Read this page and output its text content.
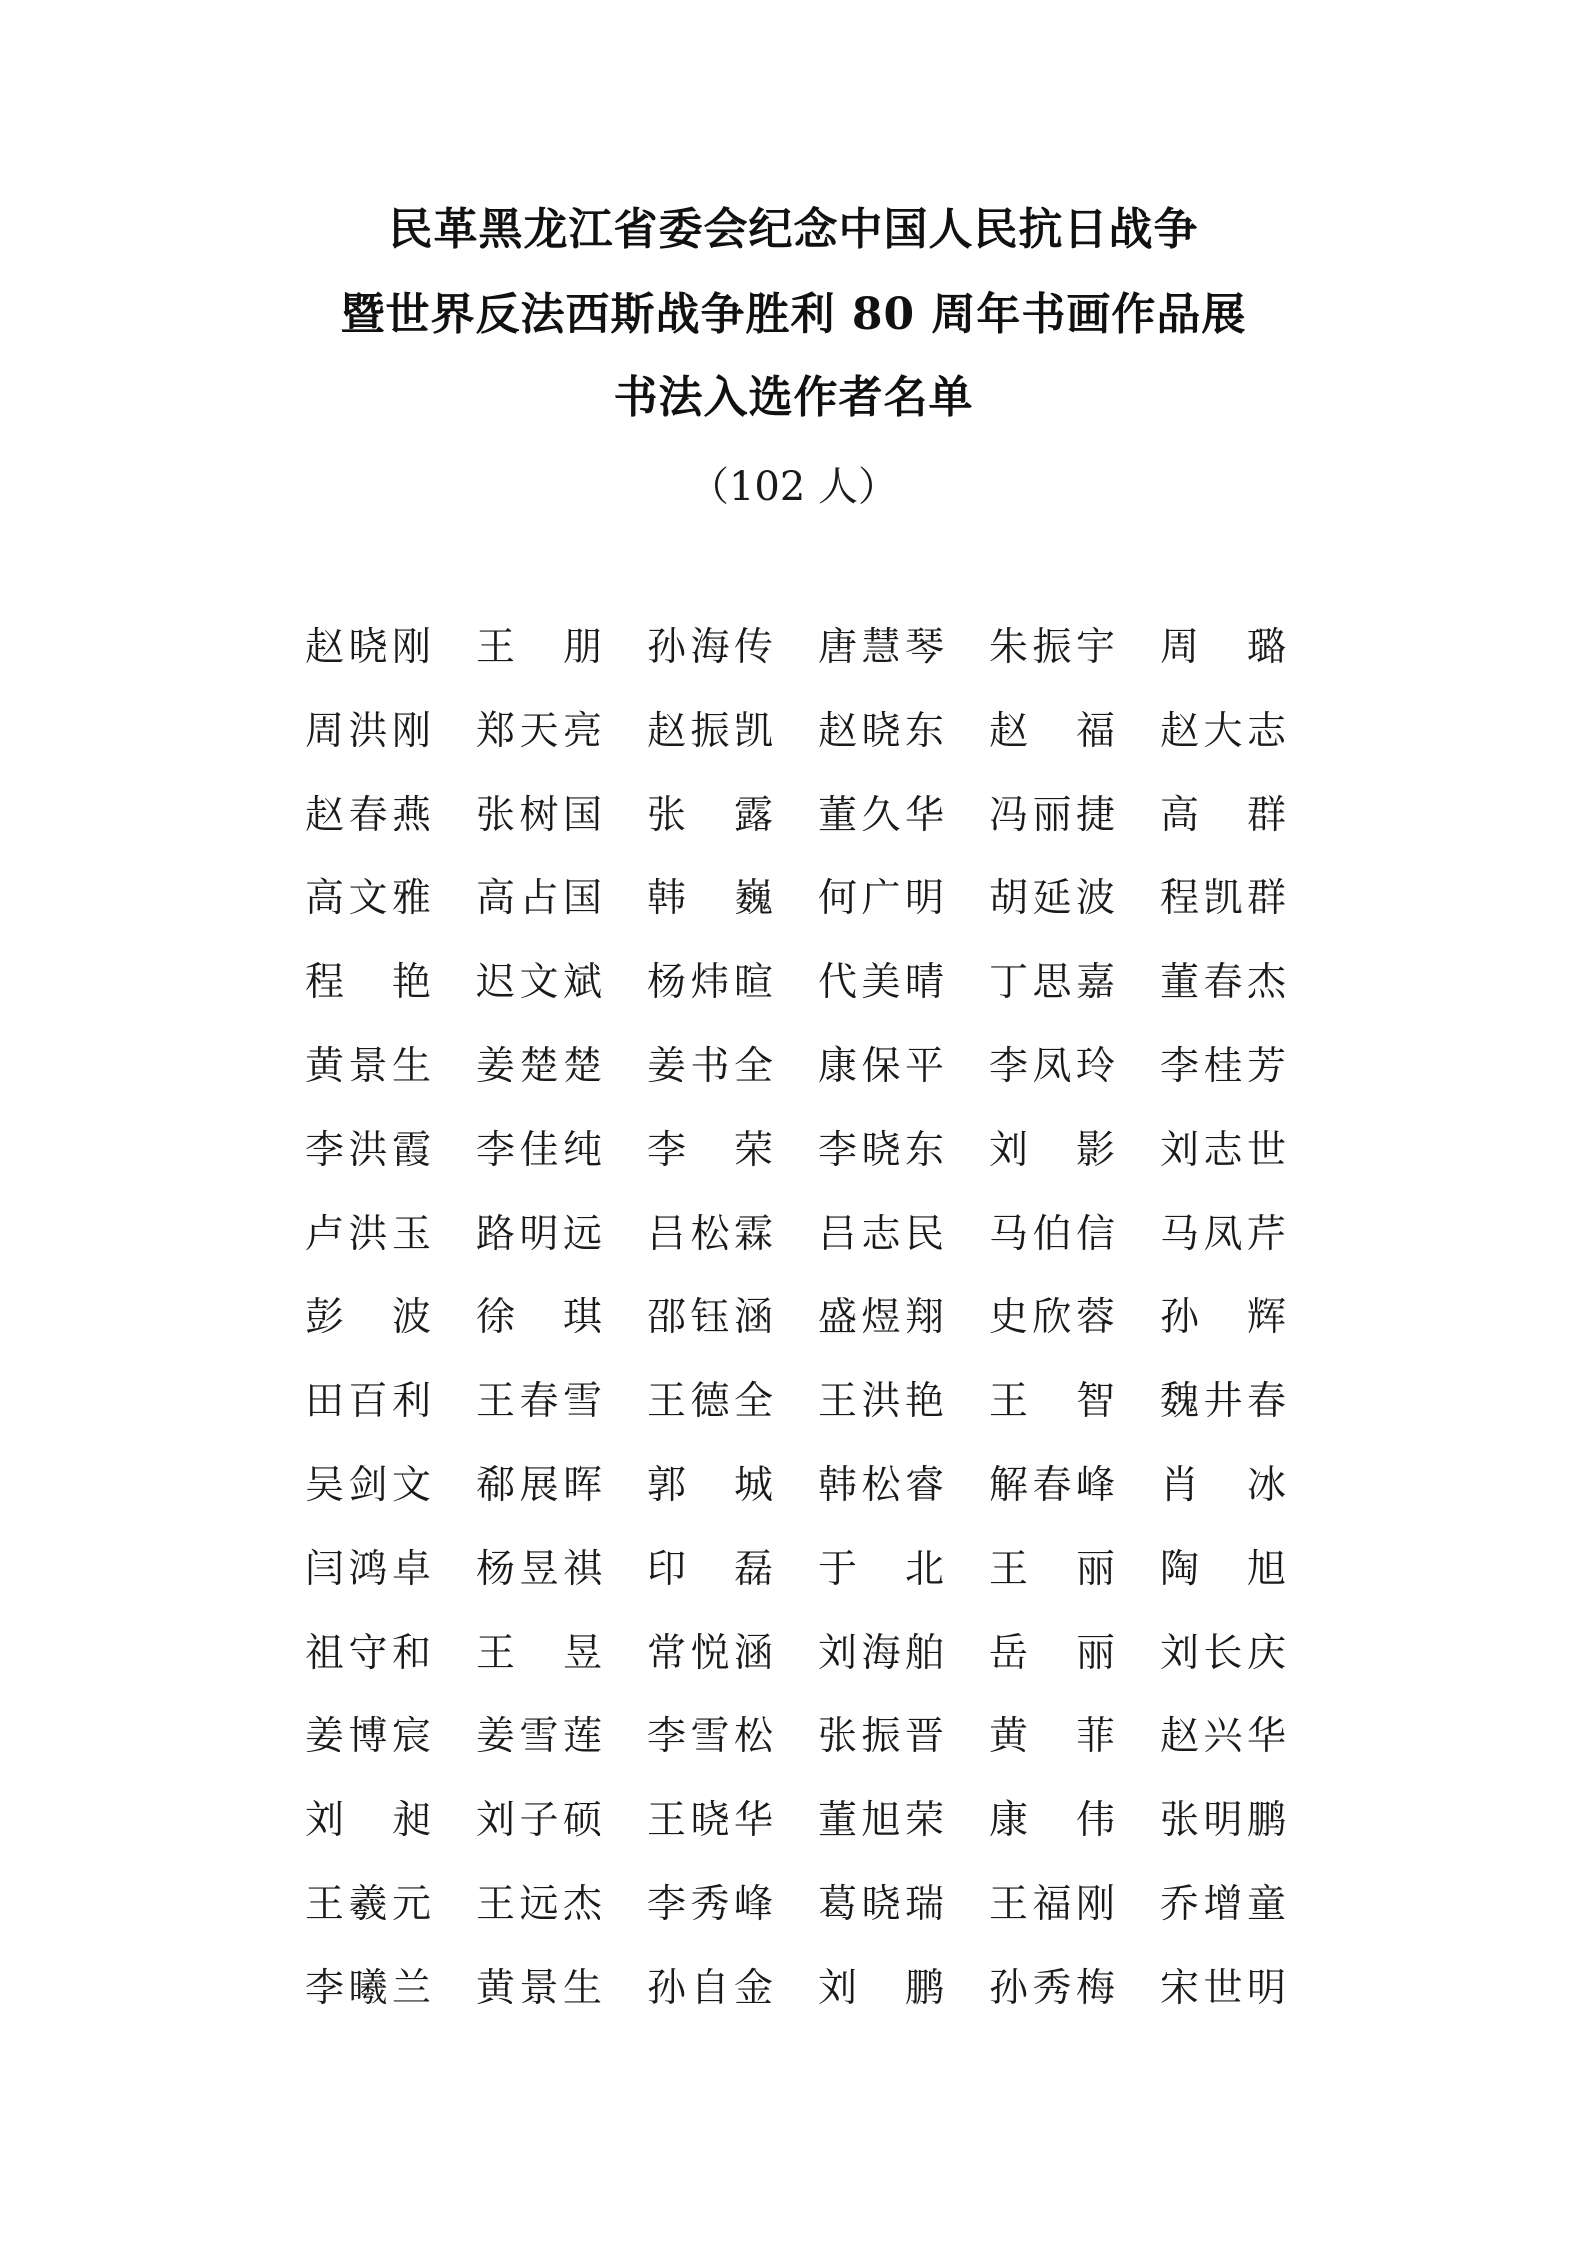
民革黑龙江省委会纪念中国人民抗日战争
暨世界反法西斯战争胜利 80 周年书画作品展
书法入选作者名单
（102 人）
赵 晓 刚 王 朋 孙 海 传 唐 慧 琴 朱 振 宇 周 璐
周 洪 刚 郑 天 亮 赵 振 凯 赵 晓 东 赵 福 赵 大 志
赵 春 燕 张 树 国 张 露 董 久 华 冯 丽 捷 高 群
高 文 雅 高 占 国 韩 巍 何 广 明 胡 延 波 程 凯 群
程 艳 迟 文 斌 杨 炜 暄 代 美 晴 丁 思 嘉 董 春 杰
黄 景 生 姜 楚 楚 姜 书 全 康 保 平 李 凤 玲 李 桂 芳
李 洪 霞 李 佳 纯 李 荣 李 晓 东 刘 影 刘 志 世
卢 洪 玉 路 明 远 吕 松 霖 吕 志 民 马 伯 信 马 凤 芹
彭 波 徐 琪 邵 钰 涵 盛 煜 翔 史 欣 蓉 孙 辉
田 百 利 王 春 雪 王 德 全 王 洪 艳 王 智 魏 井 春
吴 剑 文 郗 展 晖 郭 城 韩 松 睿 解 春 峰 肖 冰
闫 鸿 卓 杨 昱 祺 印 磊 于 北 王 丽 陶 旭
祖 守 和 王 昱 常 悦 涵 刘 海 舶 岳 丽 刘 长 庆
姜 博 宸 姜 雪 莲 李 雪 松 张 振 晋 黄 菲 赵 兴 华
刘 昶 刘 子 硕 王 晓 华 董 旭 荣 康 伟 张 明 鹏
王 羲 元 王 远 杰 李 秀 峰 葛 晓 瑞 王 福 刚 乔 增 童
李 曦 兰 黄 景 生 孙 自 金 刘 鹏 孙 秀 梅 宋 世 明
